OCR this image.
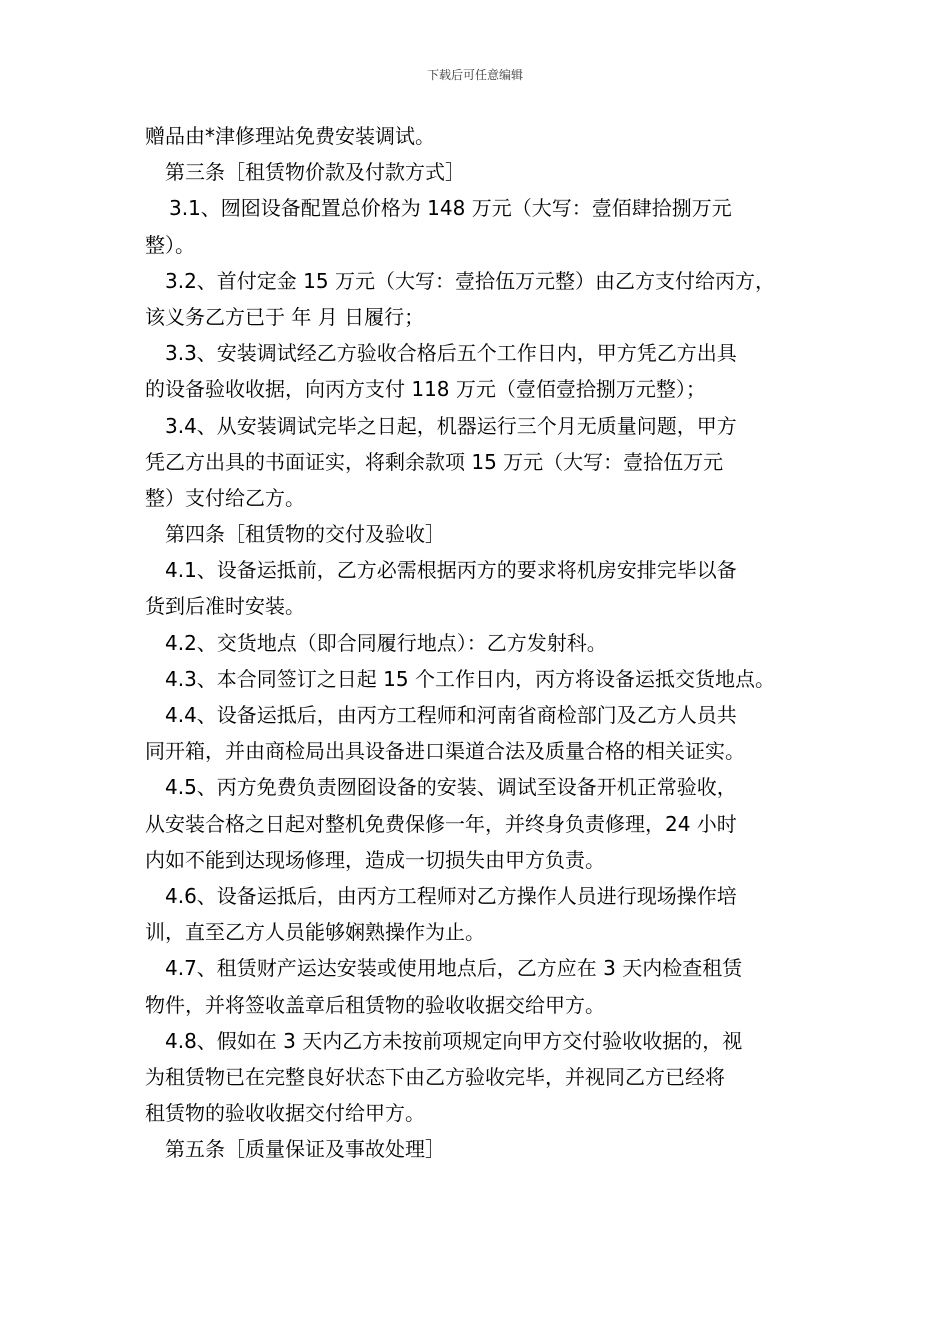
下载后可任意编辑
赠品由*津修理站免费安装调试。
第三条［租赁物价款及付款方式］
3.1、囫囵设备配置总价格为 148 万元（大写：壹佰肆拾捌万元
整）。
3.2、首付定金 15 万元（大写：壹拾伍万元整）由乙方支付给丙方，
该义务乙方已于 年 月 日履行；
3.3、安装调试经乙方验收合格后五个工作日内，甲方凭乙方出具
的设备验收收据，向丙方支付 118 万元（壹佰壹拾捌万元整）；
3.4、从安装调试完毕之日起，机器运行三个月无质量问题，甲方
凭乙方出具的书面证实，将剩余款项 15 万元（大写：壹拾伍万元
整）支付给乙方。
第四条［租赁物的交付及验收］
4.1、设备运抵前，乙方必需根据丙方的要求将机房安排完毕以备
货到后准时安装。
4.2、交货地点（即合同履行地点）：乙方发射科。
4.3、本合同签订之日起 15 个工作日内，丙方将设备运抵交货地点。
4.4、设备运抵后，由丙方工程师和河南省商检部门及乙方人员共
同开箱，并由商检局出具设备进口渠道合法及质量合格的相关证实。
4.5、丙方免费负责囫囵设备的安装、调试至设备开机正常验收，
从安装合格之日起对整机免费保修一年，并终身负责修理，24 小时
内如不能到达现场修理，造成一切损失由甲方负责。
4.6、设备运抵后，由丙方工程师对乙方操作人员进行现场操作培
训，直至乙方人员能够娴熟操作为止。
4.7、租赁财产运达安装或使用地点后，乙方应在 3 天内检查租赁
物件，并将签收盖章后租赁物的验收收据交给甲方。
4.8、假如在 3 天内乙方未按前项规定向甲方交付验收收据的，视
为租赁物已在完整良好状态下由乙方验收完毕，并视同乙方已经将
租赁物的验收收据交付给甲方。
第五条［质量保证及事故处理］
